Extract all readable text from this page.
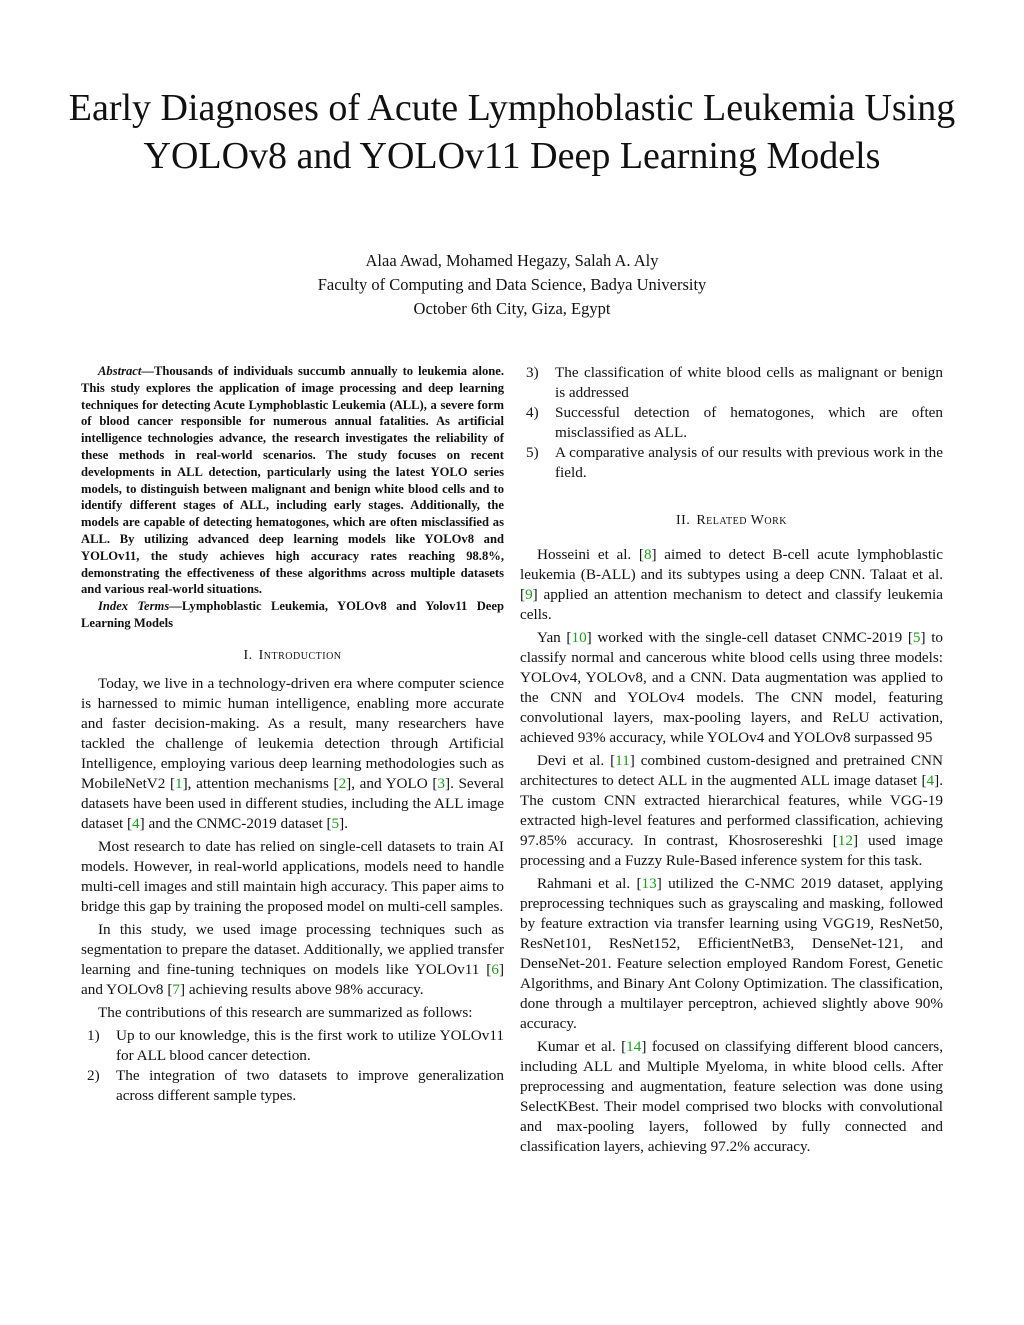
Early Diagnoses of Acute Lymphoblastic Leukemia Using YOLOv8 and YOLOv11 Deep Learning Models
Alaa Awad, Mohamed Hegazy, Salah A. Aly
Faculty of Computing and Data Science, Badya University
October 6th City, Giza, Egypt

Abstract—Thousands of individuals succumb annually to leukemia alone. This study explores the application of image processing and deep learning techniques for detecting Acute Lymphoblastic Leukemia (ALL), a severe form of blood cancer responsible for numerous annual fatalities. As artificial intelligence technologies advance, the research investigates the reliability of these methods in real-world scenarios. The study focuses on recent developments in ALL detection, particularly using the latest YOLO series models, to distinguish between malignant and benign white blood cells and to identify different stages of ALL, including early stages. Additionally, the models are capable of detecting hematogones, which are often misclassified as ALL. By utilizing advanced deep learning models like YOLOv8 and YOLOv11, the study achieves high accuracy rates reaching 98.8%, demonstrating the effectiveness of these algorithms across multiple datasets and various real-world situations.

Index Terms—Lymphoblastic Leukemia, YOLOv8 and Yolov11 Deep Learning Models

I. Introduction

Today, we live in a technology-driven era where computer science is harnessed to mimic human intelligence, enabling more accurate and faster decision-making. As a result, many researchers have tackled the challenge of leukemia detection through Artificial Intelligence, employing various deep learning methodologies such as MobileNetV2 [1], attention mechanisms [2], and YOLO [3]. Several datasets have been used in different studies, including the ALL image dataset [4] and the CNMC-2019 dataset [5].

Most research to date has relied on single-cell datasets to train AI models. However, in real-world applications, models need to handle multi-cell images and still maintain high accuracy. This paper aims to bridge this gap by training the proposed model on multi-cell samples.

In this study, we used image processing techniques such as segmentation to prepare the dataset. Additionally, we applied transfer learning and fine-tuning techniques on models like YOLOv11 [6] and YOLOv8 [7] achieving results above 98% accuracy.

The contributions of this research are summarized as follows:

1) Up to our knowledge, this is the first work to utilize YOLOv11 for ALL blood cancer detection.
2) The integration of two datasets to improve generalization across different sample types.
3) The classification of white blood cells as malignant or benign is addressed
4) Successful detection of hematogones, which are often misclassified as ALL.
5) A comparative analysis of our results with previous work in the field.
II. Related Work

Hosseini et al. [8] aimed to detect B-cell acute lymphoblastic leukemia (B-ALL) and its subtypes using a deep CNN. Talaat et al. [9] applied an attention mechanism to detect and classify leukemia cells.

Yan [10] worked with the single-cell dataset CNMC-2019 [5] to classify normal and cancerous white blood cells using three models: YOLOv4, YOLOv8, and a CNN. Data augmentation was applied to the CNN and YOLOv4 models. The CNN model, featuring convolutional layers, max-pooling layers, and ReLU activation, achieved 93% accuracy, while YOLOv4 and YOLOv8 surpassed 95

Devi et al. [11] combined custom-designed and pretrained CNN architectures to detect ALL in the augmented ALL image dataset [4]. The custom CNN extracted hierarchical features, while VGG-19 extracted high-level features and performed classification, achieving 97.85% accuracy. In contrast, Khosrosereshki [12] used image processing and a Fuzzy Rule-Based inference system for this task.

Rahmani et al. [13] utilized the C-NMC 2019 dataset, applying preprocessing techniques such as grayscaling and masking, followed by feature extraction via transfer learning using VGG19, ResNet50, ResNet101, ResNet152, EfficientNetB3, DenseNet-121, and DenseNet-201. Feature selection employed Random Forest, Genetic Algorithms, and Binary Ant Colony Optimization. The classification, done through a multilayer perceptron, achieved slightly above 90% accuracy.

Kumar et al. [14] focused on classifying different blood cancers, including ALL and Multiple Myeloma, in white blood cells. After preprocessing and augmentation, feature selection was done using SelectKBest. Their model comprised two blocks with convolutional and max-pooling layers, followed by fully connected and classification layers, achieving 97.2% accuracy.
